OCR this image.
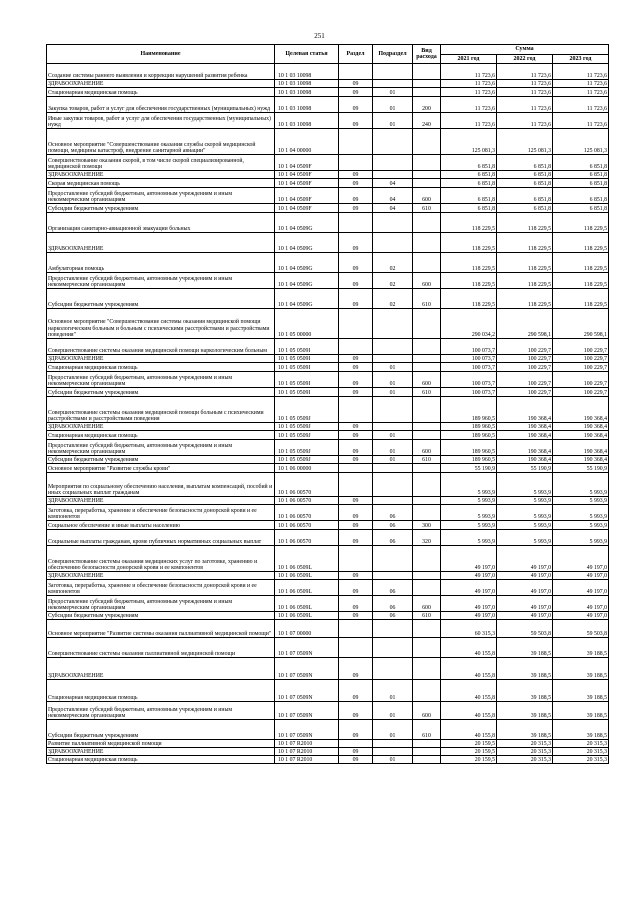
251
Наименование	Целевая статья	Раздел	Подраздел	Вид расхода	Сумма		
					2021 год	2022 год	2023 год
Создание системы раннего выявления и коррекции нарушений развития ребенка	10 1 03 10098				11 723,6	11 723,6	11 723,6
ЗДРАВООХРАНЕНИЕ	10 1 03 10098	09			11 723,6	11 723,6	11 723,6
Стационарная медицинская помощь	10 1 03 10098	09	01		11 723,6	11 723,6	11 723,6
Закупка товаров, работ и услуг для обеспечения государственных (муниципальных) нужд	10 1 03 10098	09	01	200	11 723,6	11 723,6	11 723,6
Иные закупки товаров, работ и услуг для обеспечения государственных (муниципальных) нужд	10 1 03 10098	09	01	240	11 723,6	11 723,6	11 723,6
Основное мероприятие "Совершенствование оказания службы скорой медицинской помощи, медицины катастроф, внедрение санитарной авиации"	10 1 04 00000				125 081,3	125 081,3	125 081,3
Совершенствование оказания скорой, в том числе скорой специализированной, медицинской помощи	10 1 04 0509F				6 851,8	6 851,8	6 851,8
ЗДРАВООХРАНЕНИЕ	10 1 04 0509F	09			6 851,8	6 851,8	6 851,8
Скорая медицинская помощь	10 1 04 0509F	09	04		6 851,8	6 851,8	6 851,8
Предоставление субсидий бюджетным, автономным учреждениям и иным некоммерческим организациям	10 1 04 0509F	09	04	600	6 851,8	6 851,8	6 851,8
Субсидии бюджетным учреждениям	10 1 04 0509F	09	04	610	6 851,8	6 851,8	6 851,8
Организация санитарно-авиационной эвакуации больных	10 1 04 0509G				118 229,5	118 229,5	118 229,5
ЗДРАВООХРАНЕНИЕ	10 1 04 0509G	09			118 229,5	118 229,5	118 229,5
Амбулаторная помощь	10 1 04 0509G	09	02		118 229,5	118 229,5	118 229,5
Предоставление субсидий бюджетным, автономным учреждениям и иным некоммерческим организациям	10 1 04 0509G	09	02	600	118 229,5	118 229,5	118 229,5
Субсидии бюджетным учреждениям	10 1 04 0509G	09	02	610	118 229,5	118 229,5	118 229,5
Основное мероприятие "Совершенствование системы оказания медицинской помощи наркологическим больным и больным с психическими расстройствами и расстройствами поведения"	10 1 05 00000				290 034,2	290 598,1	290 598,1
Совершенствование системы оказания медицинской помощи наркологическим больным	10 1 05 0509I				100 073,7	100 229,7	100 229,7
ЗДРАВООХРАНЕНИЕ	10 1 05 0509I	09			100 073,7	100 229,7	100 229,7
Стационарная медицинская помощь	10 1 05 0509I	09	01		100 073,7	100 229,7	100 229,7
Предоставление субсидий бюджетным, автономным учреждениям и иным некоммерческим организациям	10 1 05 0509I	09	01	600	100 073,7	100 229,7	100 229,7
Субсидии бюджетным учреждениям	10 1 05 0509I	09	01	610	100 073,7	100 229,7	100 229,7
Совершенствование системы оказания медицинской помощи больным с психическими расстройствами и расстройствами поведения	10 1 05 0509J				189 960,5	190 368,4	190 368,4
ЗДРАВООХРАНЕНИЕ	10 1 05 0509J	09			189 960,5	190 368,4	190 368,4
Стационарная медицинская помощь	10 1 05 0509J	09	01		189 960,5	190 368,4	190 368,4
Предоставление субсидий бюджетным, автономным учреждениям и иным некоммерческим организациям	10 1 05 0509J	09	01	600	189 960,5	190 368,4	190 368,4
Субсидии бюджетным учреждениям	10 1 05 0509J	09	01	610	189 960,5	190 368,4	190 368,4
Основное мероприятие "Развитие службы крови"	10 1 06 00000				55 190,9	55 190,9	55 190,9
Мероприятия по социальному обеспечению населения, выплатам компенсаций, пособий и иных социальных выплат гражданам	10 1 06 00570				5 993,9	5 993,9	5 993,9
ЗДРАВООХРАНЕНИЕ	10 1 06 00570	09			5 993,9	5 993,9	5 993,9
Заготовка, переработка, хранение и обеспечение безопасности донорской крови и ее компонентов	10 1 06 00570	09	06		5 993,9	5 993,9	5 993,9
Социальное обеспечение и иные выплаты населению	10 1 06 00570	09	06	300	5 993,9	5 993,9	5 993,9
Социальные выплаты гражданам, кроме публичных нормативных социальных выплат	10 1 06 00570	09	06	320	5 993,9	5 993,9	5 993,9
Совершенствование системы оказания медицинских услуг по заготовке, хранению и обеспечению безопасности донорской крови и ее компонентов	10 1 06 0509L				49 197,0	49 197,0	49 197,0
ЗДРАВООХРАНЕНИЕ	10 1 06 0509L	09			49 197,0	49 197,0	49 197,0
Заготовка, переработка, хранение и обеспечение безопасности донорской крови и ее компонентов	10 1 06 0509L	09	06		49 197,0	49 197,0	49 197,0
Предоставление субсидий бюджетным, автономным учреждениям и иным некоммерческим организациям	10 1 06 0509L	09	06	600	49 197,0	49 197,0	49 197,0
Субсидии бюджетным учреждениям	10 1 06 0509L	09	06	610	49 197,0	49 197,0	49 197,0
Основное мероприятие "Развитие системы оказания паллиативной медицинской помощи"	10 1 07 00000				60 315,3	59 503,8	59 503,8
Совершенствование системы оказания паллиативной медицинской помощи	10 1 07 0509N				40 155,8	39 188,5	39 188,5
ЗДРАВООХРАНЕНИЕ	10 1 07 0509N	09			40 155,8	39 188,5	39 188,5
Стационарная медицинская помощь	10 1 07 0509N	09	01		40 155,8	39 188,5	39 188,5
Предоставление субсидий бюджетным, автономным учреждениям и иным некоммерческим организациям	10 1 07 0509N	09	01	600	40 155,8	39 188,5	39 188,5
Субсидии бюджетным учреждениям	10 1 07 0509N	09	01	610	40 155,8	39 188,5	39 188,5
Развитие паллиативной медицинской помощи	10 1 07 R2010				20 159,5	20 315,3	20 315,3
ЗДРАВООХРАНЕНИЕ	10 1 07 R2010	09			20 159,5	20 315,3	20 315,3
Стационарная медицинская помощь	10 1 07 R2010	09	01		20 159,5	20 315,3	20 315,3
